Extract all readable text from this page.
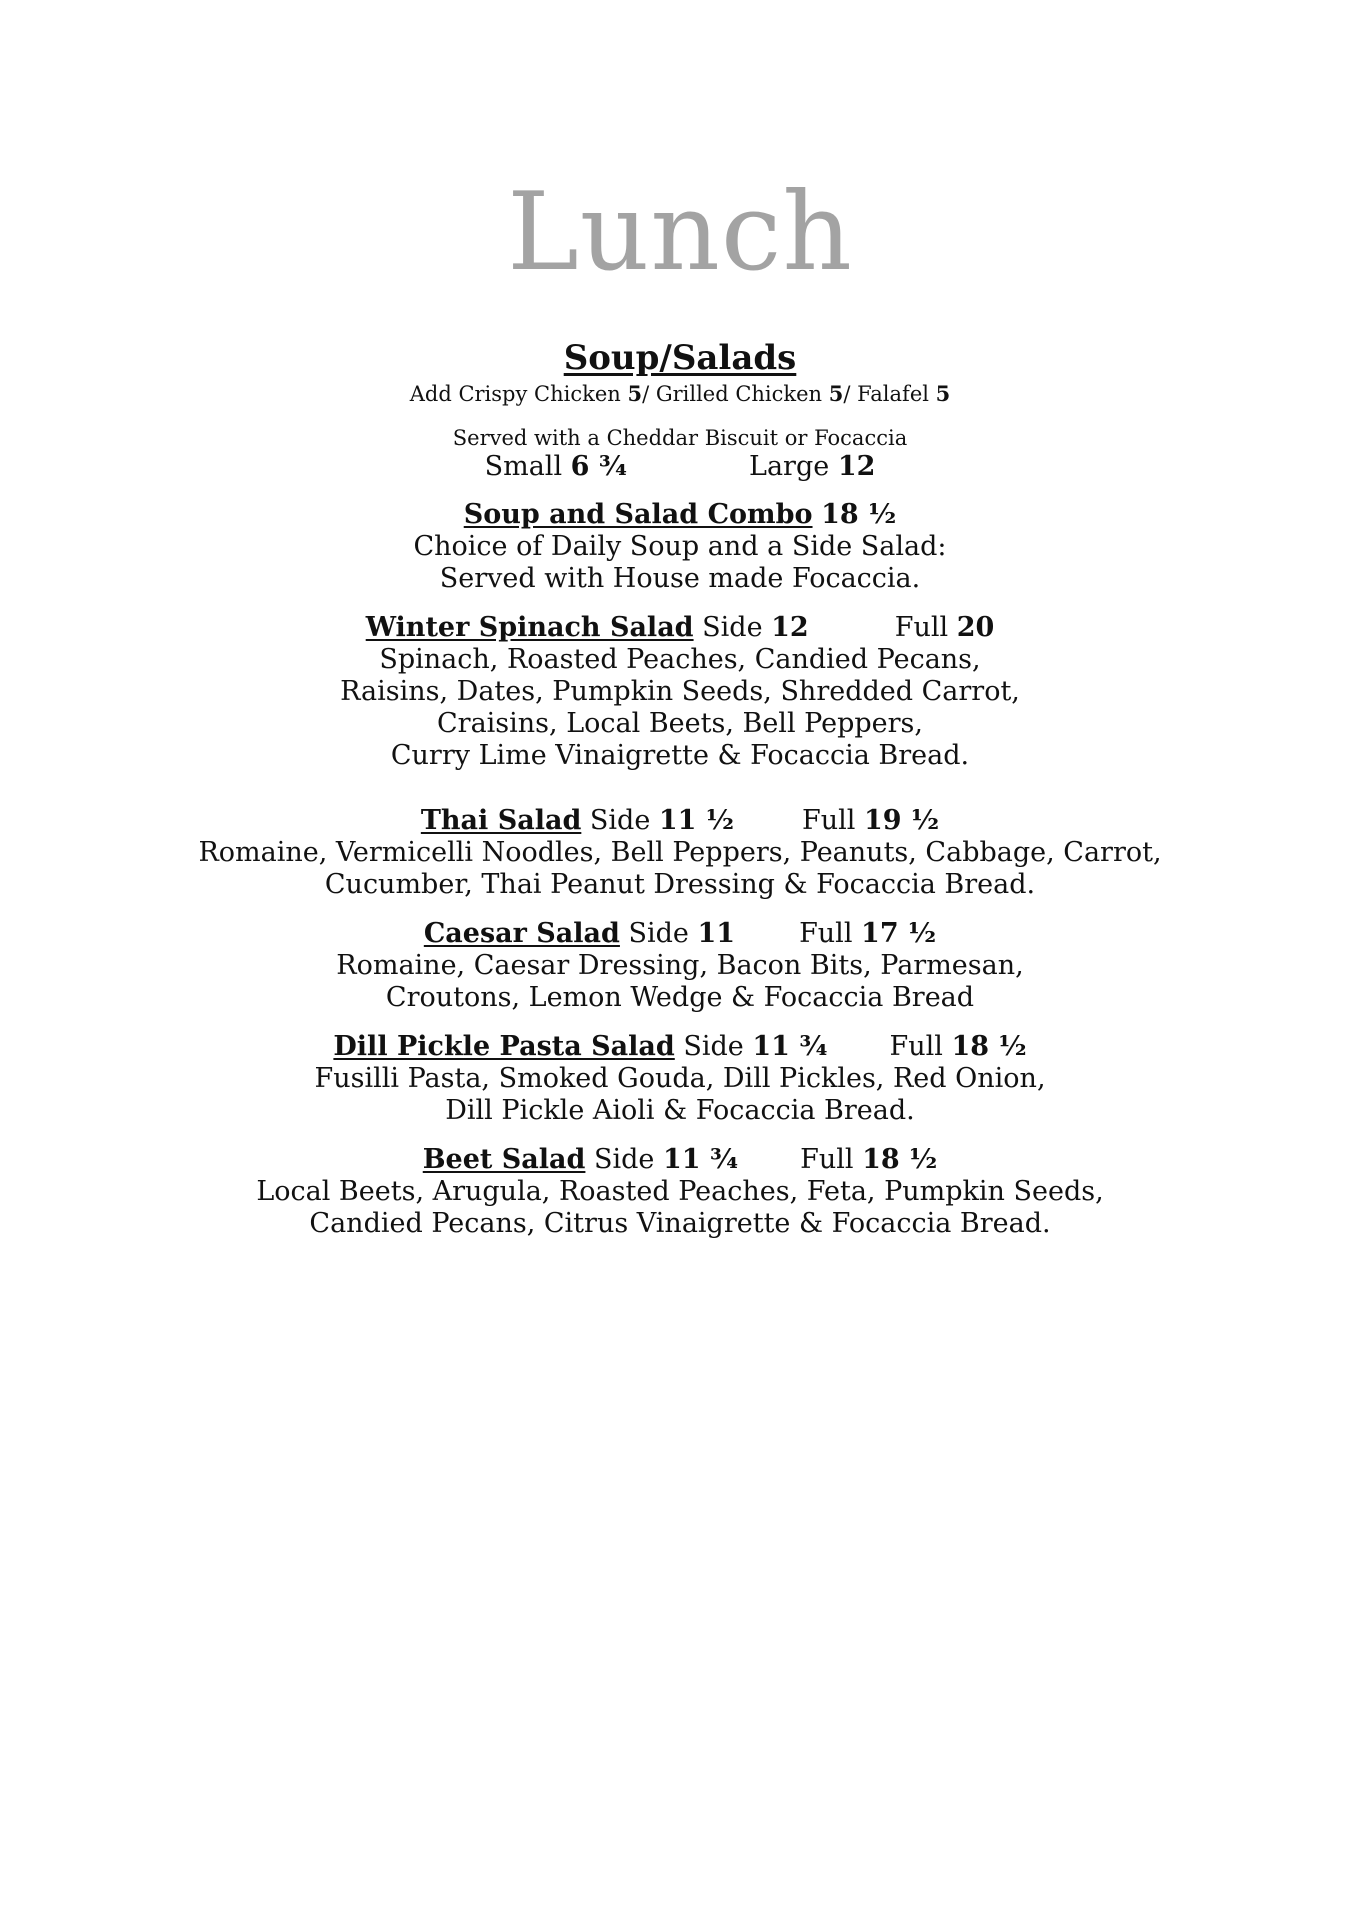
Lunch
Soup/Salads
Add Crispy Chicken 5/ Grilled Chicken 5/ Falafel 5
Served with a Cheddar Biscuit or Focaccia
Small 6 ¾	Large 12
Soup and Salad Combo 18 ½
Choice of Daily Soup and a Side Salad:
Served with House made Focaccia.
Winter Spinach Salad Side 12	Full 20
Spinach, Roasted Peaches, Candied Pecans,
Raisins, Dates, Pumpkin Seeds, Shredded Carrot,
Craisins, Local Beets, Bell Peppers,
Curry Lime Vinaigrette & Focaccia Bread.
Thai Salad Side 11 ½	Full 19 ½
Romaine, Vermicelli Noodles, Bell Peppers, Peanuts, Cabbage, Carrot,
Cucumber, Thai Peanut Dressing & Focaccia Bread.
Caesar Salad Side 11 Full 17 ½
Romaine, Caesar Dressing, Bacon Bits, Parmesan,
Croutons, Lemon Wedge & Focaccia Bread
Dill Pickle Pasta Salad Side 11 ¾ Full 18 ½
Fusilli Pasta, Smoked Gouda, Dill Pickles, Red Onion,
Dill Pickle Aioli & Focaccia Bread.
Beet Salad Side 11 ¾ Full 18 ½
Local Beets, Arugula, Roasted Peaches, Feta, Pumpkin Seeds,
Candied Pecans, Citrus Vinaigrette & Focaccia Bread.
